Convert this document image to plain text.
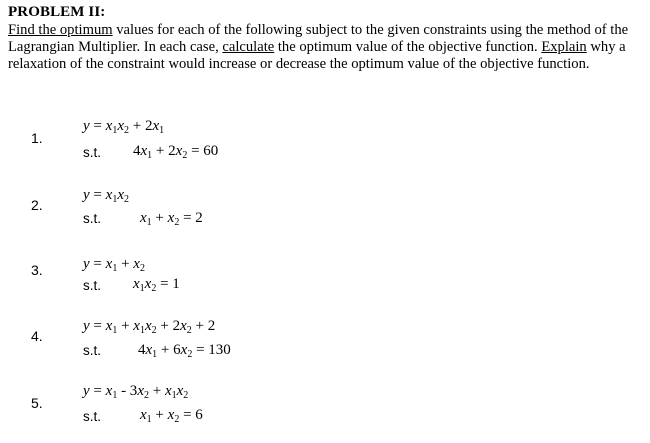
PROBLEM II:
Find the optimum values for each of the following subject to the given constraints using the method of the Lagrangian Multiplier. In each case, calculate the optimum value of the objective function. Explain why a relaxation of the constraint would increase or decrease the optimum value of the objective function.
1.
$y = x_1x_2 + 2x_1$
s.t. $4x_1 + 2x_2 = 60$
2.
$y = x_1x_2$
s.t.	$x_1 + x_2 = 2$
3.	$y = x_1 + x_2$
s.t. $x_1x_2 = 1$
4.
$y = x_1 + x_1x_2 + 2x_2 + 2$
s.t. $4x_1 + 6x_2 = 130$
5.
$y = x_1 - 3x_2 + x_1x_2$
s.t.	$x_1 + x_2 = 6$
